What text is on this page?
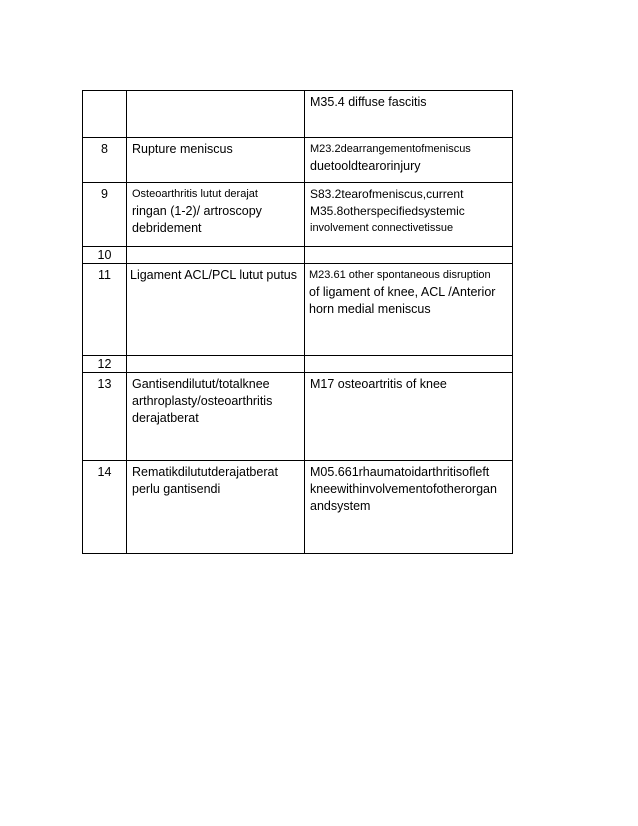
		M35.4 diffuse fascitis

8	Rupture meniscus	M23.2dearrangementofmeniscus
duetooldtearorinjury

9	Osteoarthritis lutut derajat
ringan (1-2)/ artroscopy
debridement	S83.2tearofmeniscus,current
M35.8otherspecifiedsystemic
involvement connectivetissue

10	

11	Ligament ACL/PCL lutut putus	M23.61 other spontaneous disruption
of ligament of knee, ACL /Anterior
horn medial meniscus

12	

13	Gantisendilutut/totalknee
arthroplasty/osteoarthritis
derajatberat	M17 osteoartritis of knee

14	Rematikdilututderajatberat
perlu gantisendi	M05.661rhaumatoidarthritisofleft
kneewithinvolvementofotherorgan
andsystem
